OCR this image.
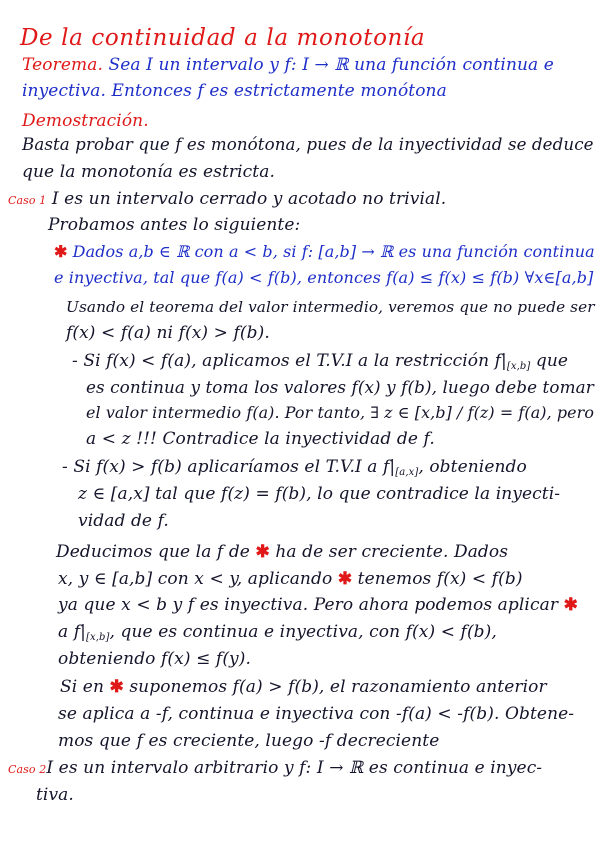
De la continuidad a la monotonía
Teorema. Sea I un intervalo y f: I → ℝ una función continua e
inyectiva. Entonces f es estrictamente monótona
Demostración.
Basta probar que f es monótona, pues de la inyectividad se deduce
que la monotonía es estricta.
Caso 1 I es un intervalo cerrado y acotado no trivial.
Probamos antes lo siguiente:
✱ Dados a,b ∈ ℝ con a < b, si f: [a,b] → ℝ es una función continua
e inyectiva, tal que f(a) < f(b), entonces f(a) ≤ f(x) ≤ f(b) ∀x∈[a,b]
Usando el teorema del valor intermedio, veremos que no puede ser
f(x) < f(a) ni f(x) > f(b).
- Si f(x) < f(a), aplicamos el T.V.I a la restricción $f|_{[x,b]}$ que
es continua y toma los valores f(x) y f(b), luego debe tomar
el valor intermedio f(a). Por tanto, ∃ z ∈ [x,b] / f(z) = f(a), pero
a < z !!! Contradice la inyectividad de f.
- Si f(x) > f(b) aplicaríamos el T.V.I a $f|_{[a,x]}$, obteniendo
z ∈ [a,x] tal que f(z) = f(b), lo que contradice la inyecti-
vidad de f.
Deducimos que la f de ✱ ha de ser creciente. Dados
x, y ∈ [a,b] con x < y, aplicando ✱ tenemos f(x) < f(b)
ya que x < b y f es inyectiva. Pero ahora podemos aplicar ✱
a $f|_{[x,b]}$, que es continua e inyectiva, con f(x) < f(b),
obteniendo f(x) ≤ f(y).
Si en ✱ suponemos f(a) > f(b), el razonamiento anterior
se aplica a -f, continua e inyectiva con -f(a) < -f(b). Obtene-
mos que f es creciente, luego -f decreciente
Caso 2I es un intervalo arbitrario y f: I → ℝ es continua e inyec-
tiva.
